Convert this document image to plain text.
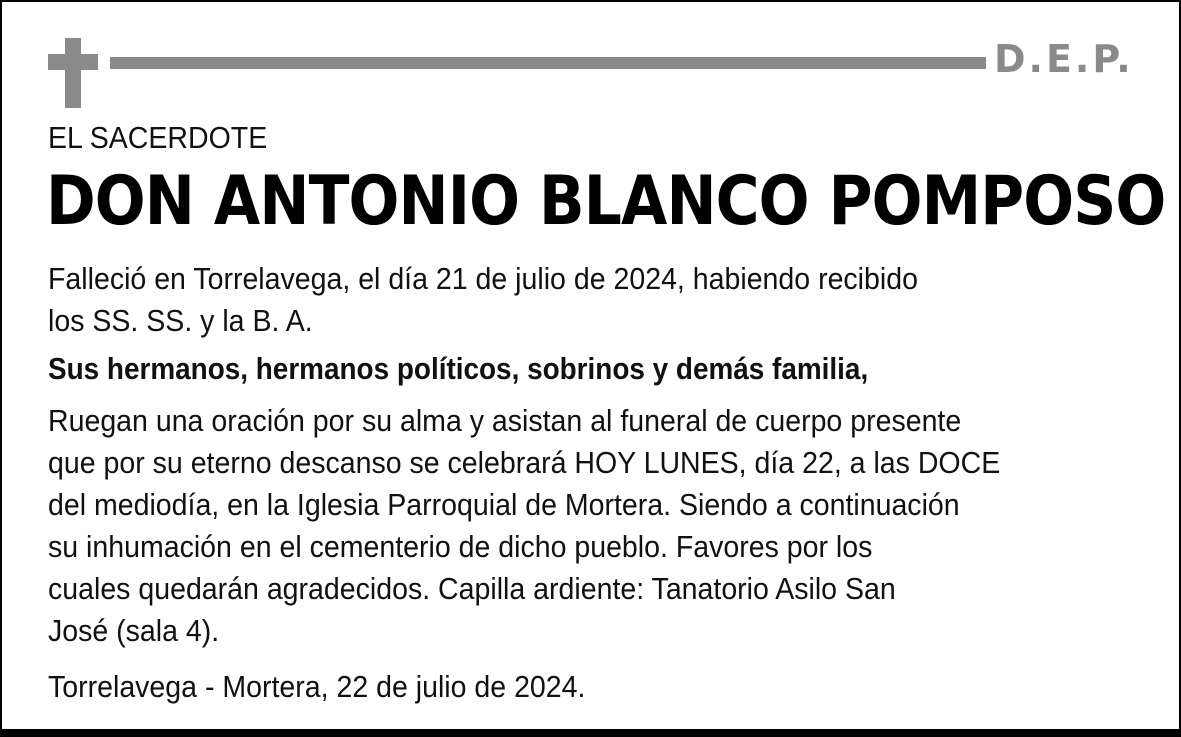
D.E.P.
EL SACERDOTE
DON ANTONIO BLANCO POMPOSO
Falleció en Torrelavega, el día 21 de julio de 2024, habiendo recibido
los SS. SS. y la B. A.
Sus hermanos, hermanos políticos, sobrinos y demás familia,
Ruegan una oración por su alma y asistan al funeral de cuerpo presente
que por su eterno descanso se celebrará HOY LUNES, día 22, a las DOCE
del mediodía, en la Iglesia Parroquial de Mortera. Siendo a continuación
su inhumación en el cementerio de dicho pueblo. Favores por los
cuales quedarán agradecidos. Capilla ardiente: Tanatorio Asilo San
José (sala 4).
Torrelavega - Mortera, 22 de julio de 2024.
